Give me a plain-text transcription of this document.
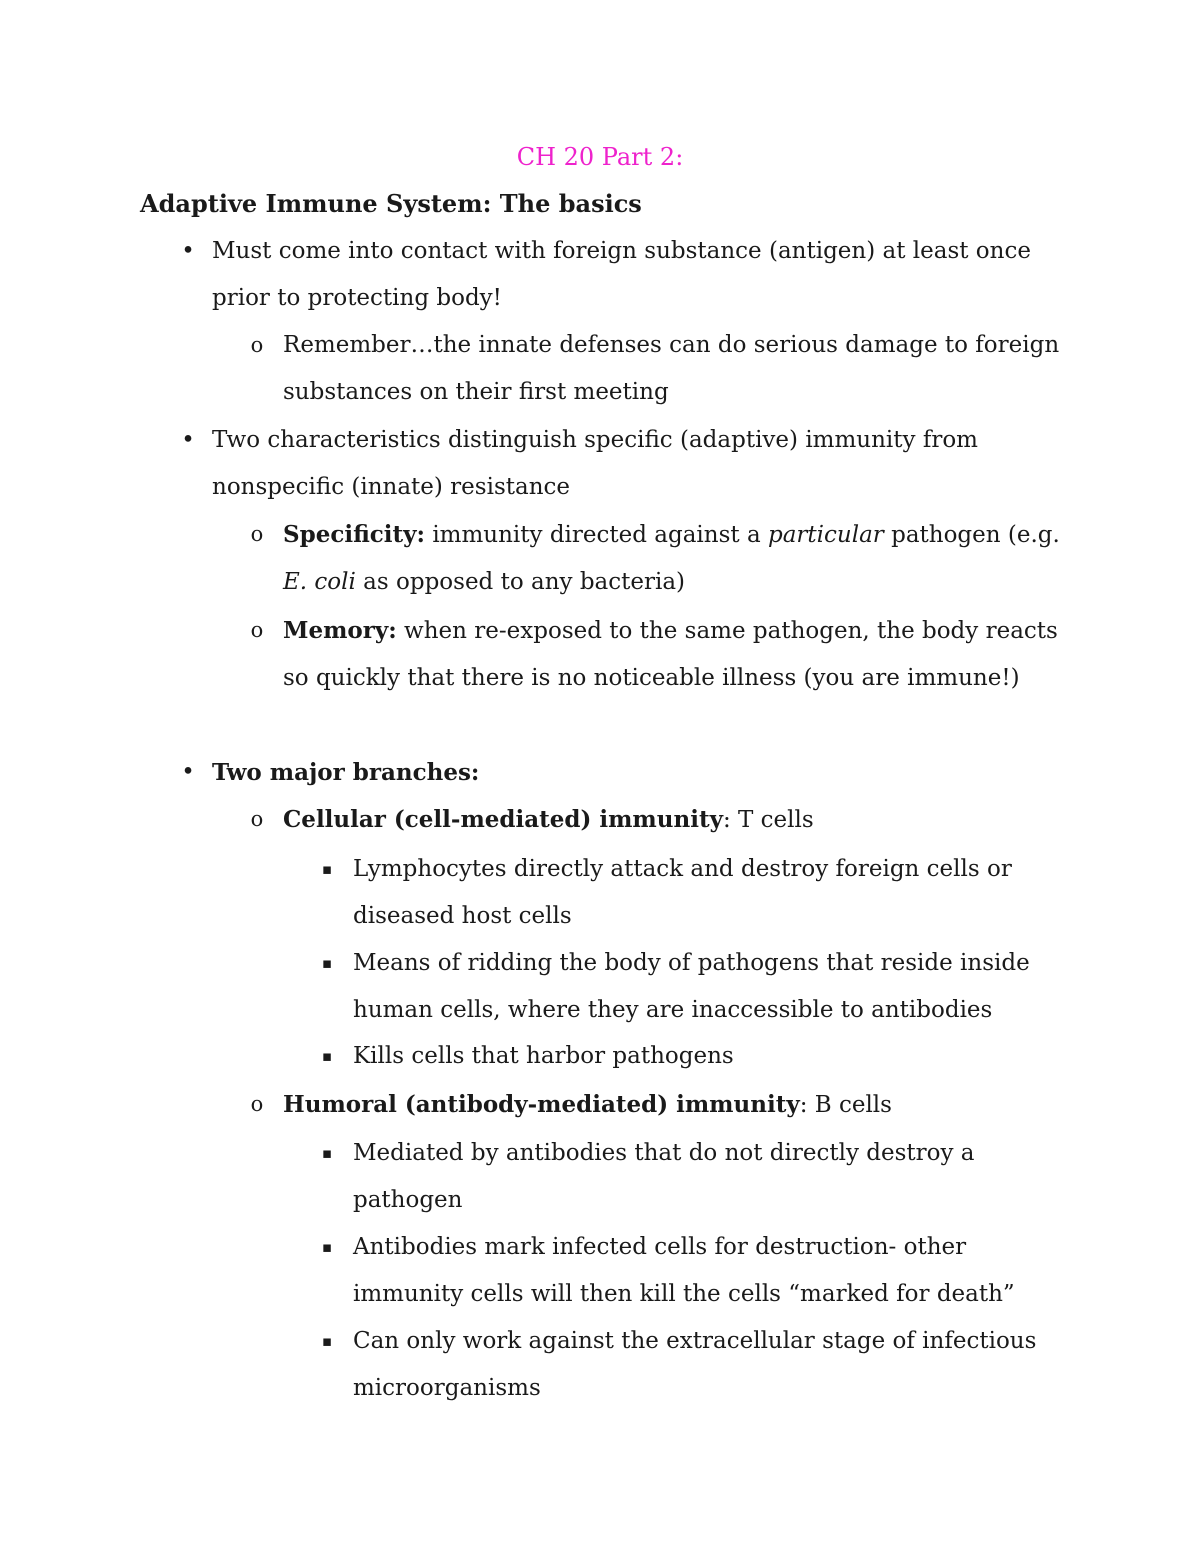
CH 20 Part 2:
Adaptive Immune System: The basics
• Must come into contact with foreign substance (antigen) at least once prior to protecting body!
o Remember…the innate defenses can do serious damage to foreign substances on their first meeting
• Two characteristics distinguish specific (adaptive) immunity from nonspecific (innate) resistance
o Specificity: immunity directed against a particular pathogen (e.g. E. coli as opposed to any bacteria)
o Memory: when re-exposed to the same pathogen, the body reacts so quickly that there is no noticeable illness (you are immune!)
• Two major branches:
o Cellular (cell-mediated) immunity: T cells
▪ Lymphocytes directly attack and destroy foreign cells or diseased host cells
▪ Means of ridding the body of pathogens that reside inside human cells, where they are inaccessible to antibodies
▪ Kills cells that harbor pathogens
o Humoral (antibody-mediated) immunity: B cells
▪ Mediated by antibodies that do not directly destroy a pathogen
▪ Antibodies mark infected cells for destruction- other immunity cells will then kill the cells “marked for death”
▪ Can only work against the extracellular stage of infectious microorganisms
